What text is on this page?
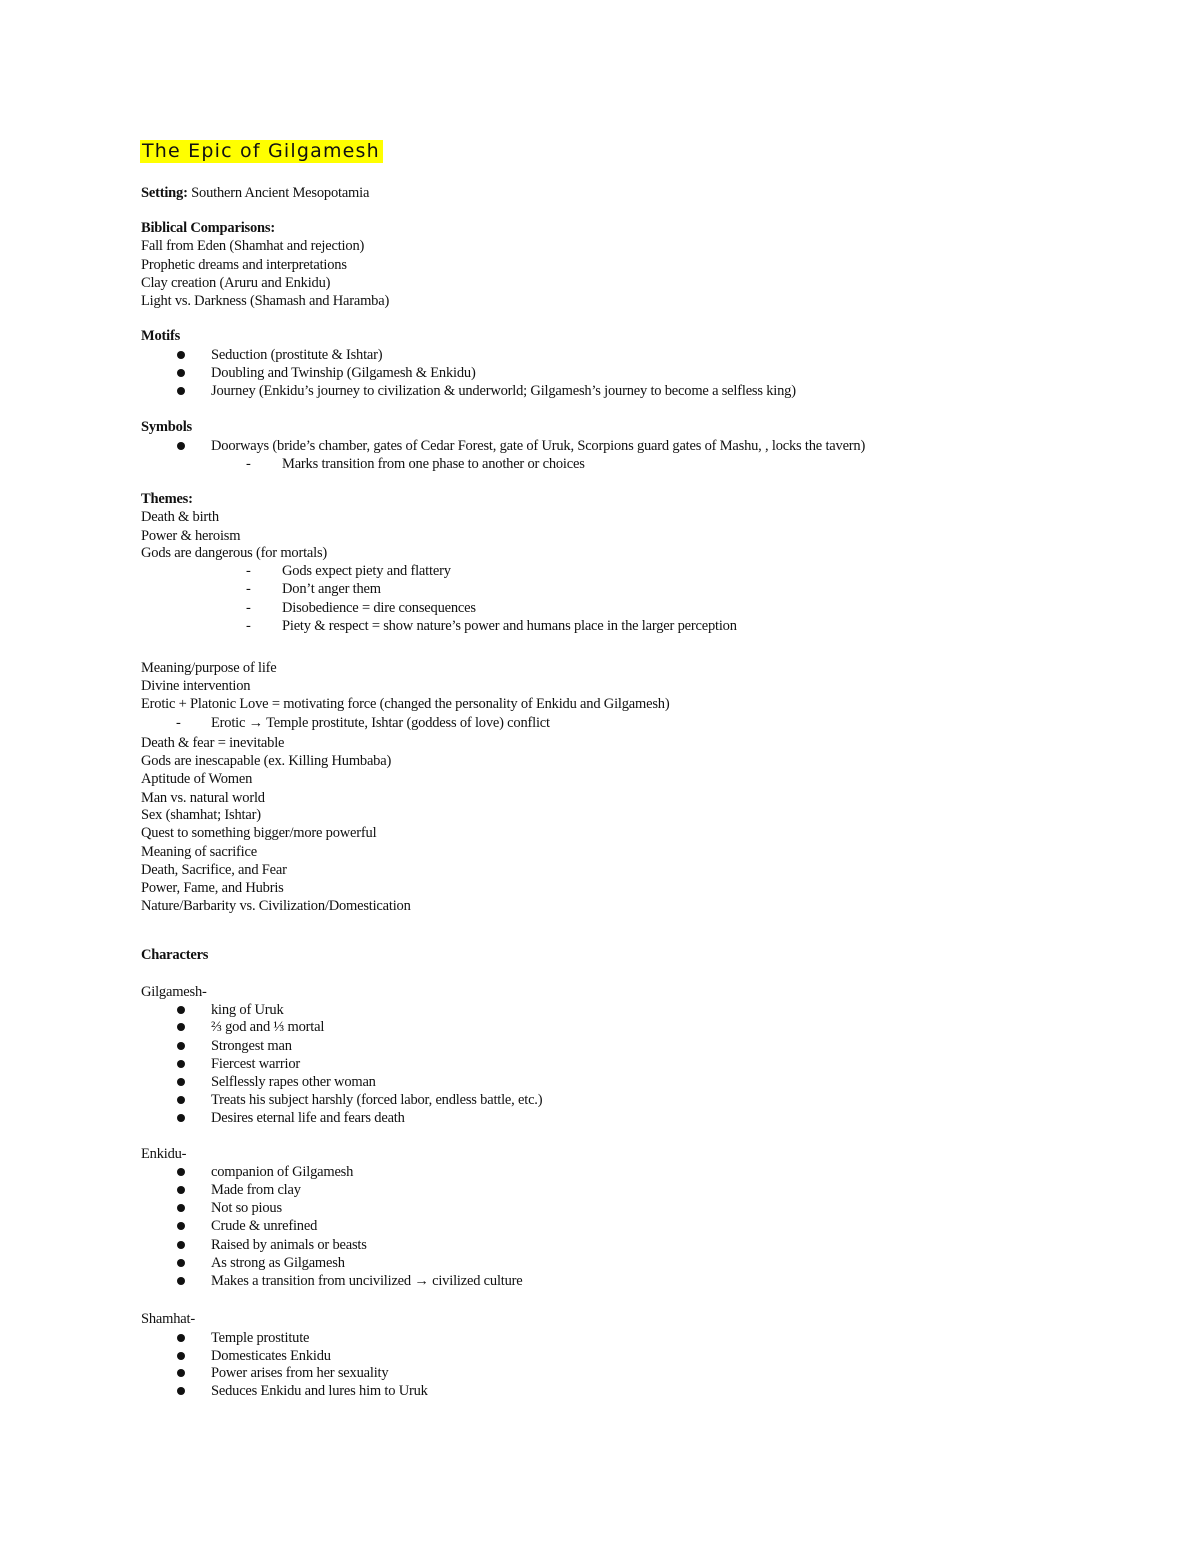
The Epic of Gilgamesh
Setting: Southern Ancient Mesopotamia
Biblical Comparisons:
Fall from Eden (Shamhat and rejection)
Prophetic dreams and interpretations
Clay creation (Aruru and Enkidu)
Light vs. Darkness (Shamash and Haramba)
Motifs
Seduction (prostitute & Ishtar)
Doubling and Twinship (Gilgamesh & Enkidu)
Journey (Enkidu’s journey to civilization & underworld; Gilgamesh’s journey to become a selfless king)
Symbols
Doorways (bride’s chamber, gates of Cedar Forest, gate of Uruk, Scorpions guard gates of Mashu, , locks the tavern)
- Marks transition from one phase to another or choices
Themes:
Death & birth
Power & heroism
Gods are dangerous (for mortals)
- Gods expect piety and flattery
- Don’t anger them
- Disobedience = dire consequences
- Piety & respect = show nature’s power and humans place in the larger perception
Meaning/purpose of life
Divine intervention
Erotic + Platonic Love = motivating force (changed the personality of Enkidu and Gilgamesh)
- Erotic → Temple prostitute, Ishtar (goddess of love) conflict
Death & fear = inevitable
Gods are inescapable (ex. Killing Humbaba)
Aptitude of Women
Man vs. natural world
Sex (shamhat; Ishtar)
Quest to something bigger/more powerful
Meaning of sacrifice
Death, Sacrifice, and Fear
Power, Fame, and Hubris
Nature/Barbarity vs. Civilization/Domestication
Characters
Gilgamesh-
king of Uruk
⅔ god and ⅓ mortal
Strongest man
Fiercest warrior
Selflessly rapes other woman
Treats his subject harshly (forced labor, endless battle, etc.)
Desires eternal life and fears death
Enkidu-
companion of Gilgamesh
Made from clay
Not so pious
Crude & unrefined
Raised by animals or beasts
As strong as Gilgamesh
Makes a transition from uncivilized → civilized culture
Shamhat-
Temple prostitute
Domesticates Enkidu
Power arises from her sexuality
Seduces Enkidu and lures him to Uruk
